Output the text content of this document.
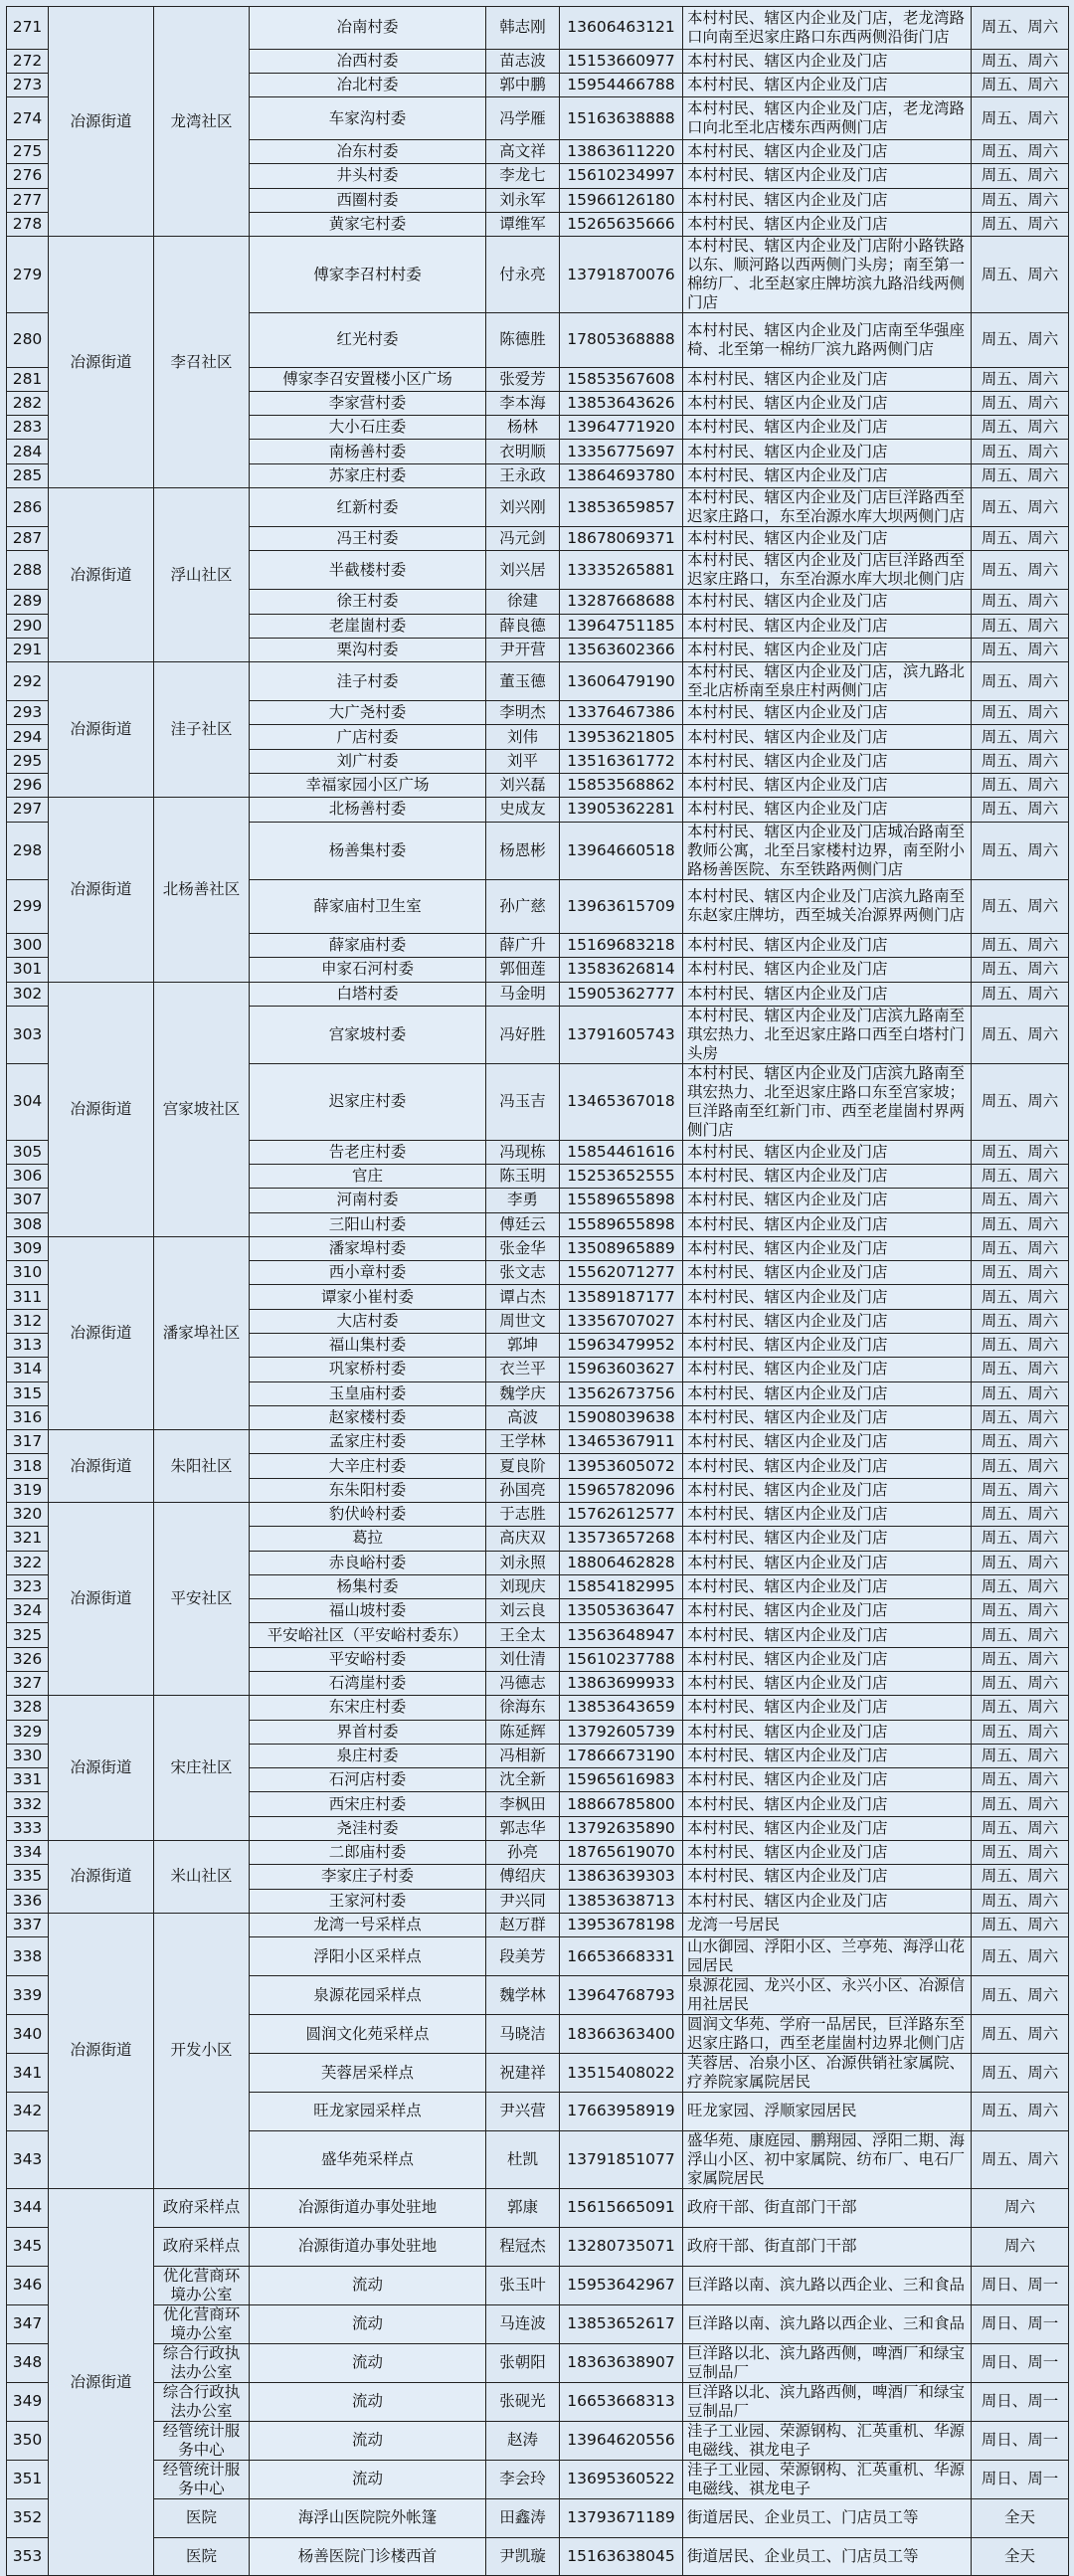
271	冶源街道	龙湾社区	冶南村委	韩志刚	13606463121	本村村民、辖区内企业及门店，老龙湾路口向南至迟家庄路口东西两侧沿街门店	周五、周六
272			冶西村委	苗志波	15153660977	本村村民、辖区内企业及门店	周五、周六
273			冶北村委	郭中鹏	15954466788	本村村民、辖区内企业及门店	周五、周六
274			车家沟村委	冯学雁	15163638888	本村村民、辖区内企业及门店，老龙湾路口向北至北店楼东西两侧门店	周五、周六
275			冶东村委	高文祥	13863611220	本村村民、辖区内企业及门店	周五、周六
276			井头村委	李龙七	15610234997	本村村民、辖区内企业及门店	周五、周六
277			西圈村委	刘永军	15966126180	本村村民、辖区内企业及门店	周五、周六
278			黄家宅村委	谭维军	15265635666	本村村民、辖区内企业及门店	周五、周六
279	冶源街道	李召社区	傅家李召村村委	付永亮	13791870076	本村村民、辖区内企业及门店附小路铁路以东、顺河路以西两侧门头房；南至第一棉纺厂、北至赵家庄牌坊滨九路沿线两侧门店	周五、周六
280			红光村委	陈德胜	17805368888	本村村民、辖区内企业及门店南至华强座椅、北至第一棉纺厂滨九路两侧门店	周五、周六
281			傅家李召安置楼小区广场	张爱芳	15853567608	本村村民、辖区内企业及门店	周五、周六
282			李家营村委	李本海	13853643626	本村村民、辖区内企业及门店	周五、周六
283			大小石庄委	杨林	13964771920	本村村民、辖区内企业及门店	周五、周六
284			南杨善村委	衣明顺	13356775697	本村村民、辖区内企业及门店	周五、周六
285			苏家庄村委	王永政	13864693780	本村村民、辖区内企业及门店	周五、周六
286	冶源街道	浮山社区	红新村委	刘兴刚	13853659857	本村村民、辖区内企业及门店巨洋路西至迟家庄路口，东至冶源水库大坝两侧门店	周五、周六
287			冯王村委	冯元剑	18678069371	本村村民、辖区内企业及门店	周五、周六
288			半截楼村委	刘兴居	13335265881	本村村民、辖区内企业及门店巨洋路西至迟家庄路口，东至冶源水库大坝北侧门店	周五、周六
289			徐王村委	徐建	13287668688	本村村民、辖区内企业及门店	周五、周六
290			老崖崮村委	薛良德	13964751185	本村村民、辖区内企业及门店	周五、周六
291			栗沟村委	尹开营	13563602366	本村村民、辖区内企业及门店	周五、周六
292	冶源街道	洼子社区	洼子村委	董玉德	13606479190	本村村民、辖区内企业及门店，滨九路北至北店桥南至泉庄村两侧门店	周五、周六
293			大广尧村委	李明杰	13376467386	本村村民、辖区内企业及门店	周五、周六
294			广店村委	刘伟	13953621805	本村村民、辖区内企业及门店	周五、周六
295			刘广村委	刘平	13516361772	本村村民、辖区内企业及门店	周五、周六
296			幸福家园小区广场	刘兴磊	15853568862	本村村民、辖区内企业及门店	周五、周六
297	冶源街道	北杨善社区	北杨善村委	史成友	13905362281	本村村民、辖区内企业及门店	周五、周六
298			杨善集村委	杨恩彬	13964660518	本村村民、辖区内企业及门店城冶路南至教师公寓，北至吕家楼村边界，南至附小路杨善医院、东至铁路两侧门店	周五、周六
299			薛家庙村卫生室	孙广慈	13963615709	本村村民、辖区内企业及门店滨九路南至东赵家庄牌坊，西至城关冶源界两侧门店	周五、周六
300			薛家庙村委	薛广升	15169683218	本村村民、辖区内企业及门店	周五、周六
301			申家石河村委	郭佃莲	13583626814	本村村民、辖区内企业及门店	周五、周六
302	冶源街道	宫家坡社区	白塔村委	马金明	15905362777	本村村民、辖区内企业及门店	周五、周六
303			宫家坡村委	冯好胜	13791605743	本村村民、辖区内企业及门店滨九路南至琪宏热力、北至迟家庄路口西至白塔村门头房	周五、周六
304			迟家庄村委	冯玉吉	13465367018	本村村民、辖区内企业及门店滨九路南至琪宏热力、北至迟家庄路口东至宫家坡；巨洋路南至红新门市、西至老崖崮村界两侧门店	周五、周六
305			告老庄村委	冯现栋	15854461616	本村村民、辖区内企业及门店	周五、周六
306			官庄	陈玉明	15253652555	本村村民、辖区内企业及门店	周五、周六
307			河南村委	李勇	15589655898	本村村民、辖区内企业及门店	周五、周六
308			三阳山村委	傅廷云	15589655898	本村村民、辖区内企业及门店	周五、周六
309	冶源街道	潘家埠社区	潘家埠村委	张金华	13508965889	本村村民、辖区内企业及门店	周五、周六
310			西小章村委	张文志	15562071277	本村村民、辖区内企业及门店	周五、周六
311			谭家小崔村委	谭占杰	13589187177	本村村民、辖区内企业及门店	周五、周六
312			大店村委	周世文	13356707027	本村村民、辖区内企业及门店	周五、周六
313			福山集村委	郭坤	15963479952	本村村民、辖区内企业及门店	周五、周六
314			巩家桥村委	衣兰平	15963603627	本村村民、辖区内企业及门店	周五、周六
315			玉皇庙村委	魏学庆	13562673756	本村村民、辖区内企业及门店	周五、周六
316			赵家楼村委	高波	15908039638	本村村民、辖区内企业及门店	周五、周六
317	冶源街道	朱阳社区	孟家庄村委	王学林	13465367911	本村村民、辖区内企业及门店	周五、周六
318			大辛庄村委	夏良阶	13953605072	本村村民、辖区内企业及门店	周五、周六
319			东朱阳村委	孙国亮	15965782096	本村村民、辖区内企业及门店	周五、周六
320	冶源街道	平安社区	豹伏岭村委	于志胜	15762612577	本村村民、辖区内企业及门店	周五、周六
321			葛拉	高庆双	13573657268	本村村民、辖区内企业及门店	周五、周六
322			赤良峪村委	刘永照	18806462828	本村村民、辖区内企业及门店	周五、周六
323			杨集村委	刘现庆	15854182995	本村村民、辖区内企业及门店	周五、周六
324			福山坡村委	刘云良	13505363647	本村村民、辖区内企业及门店	周五、周六
325			平安峪社区（平安峪村委东）	王全太	13563648947	本村村民、辖区内企业及门店	周五、周六
326			平安峪村委	刘仕清	15610237788	本村村民、辖区内企业及门店	周五、周六
327			石湾崖村委	冯德志	13863699933	本村村民、辖区内企业及门店	周五、周六
328	冶源街道	宋庄社区	东宋庄村委	徐海东	13853643659	本村村民、辖区内企业及门店	周五、周六
329			界首村委	陈延辉	13792605739	本村村民、辖区内企业及门店	周五、周六
330			泉庄村委	冯相新	17866673190	本村村民、辖区内企业及门店	周五、周六
331			石河店村委	沈全新	15965616983	本村村民、辖区内企业及门店	周五、周六
332			西宋庄村委	李枫田	18866785800	本村村民、辖区内企业及门店	周五、周六
333			尧洼村委	郭志华	13792635890	本村村民、辖区内企业及门店	周五、周六
334	冶源街道	米山社区	二郎庙村委	孙亮	18765619070	本村村民、辖区内企业及门店	周五、周六
335			李家庄子村委	傅绍庆	13863639303	本村村民、辖区内企业及门店	周五、周六
336			王家河村委	尹兴同	13853638713	本村村民、辖区内企业及门店	周五、周六
337	冶源街道	开发小区	龙湾一号采样点	赵万群	13953678198	龙湾一号居民	周五、周六
338			浮阳小区采样点	段美芳	16653668331	山水御园、浮阳小区、兰亭苑、海浮山花园居民	周五、周六
339			泉源花园采样点	魏学林	13964768793	泉源花园、龙兴小区、永兴小区、冶源信用社居民	周五、周六
340			圆润文化苑采样点	马晓洁	18366363400	圆润文华苑、学府一品居民，巨洋路东至迟家庄路口，西至老崖崮村边界北侧门店	周五、周六
341			芙蓉居采样点	祝建祥	13515408022	芙蓉居、冶泉小区、冶源供销社家属院、疗养院家属院居民	周五、周六
342			旺龙家园采样点	尹兴营	17663958919	旺龙家园、浮顺家园居民	周五、周六
343			盛华苑采样点	杜凯	13791851077	盛华苑、康庭园、鹏翔园、浮阳二期、海浮山小区、初中家属院、纺布厂、电石厂家属院居民	周五、周六
344	冶源街道	政府采样点	冶源街道办事处驻地	郭康	15615665091	政府干部、街直部门干部	周六
345		政府采样点	冶源街道办事处驻地	程冠杰	13280735071	政府干部、街直部门干部	周六
346		优化营商环境办公室	流动	张玉叶	15953642967	巨洋路以南、滨九路以西企业、三和食品	周日、周一
347		优化营商环境办公室	流动	马连波	13853652617	巨洋路以南、滨九路以西企业、三和食品	周日、周一
348		综合行政执法办公室	流动	张朝阳	18363638907	巨洋路以北、滨九路西侧，啤酒厂和绿宝豆制品厂	周日、周一
349		综合行政执法办公室	流动	张砚光	16653668313	巨洋路以北、滨九路西侧，啤酒厂和绿宝豆制品厂	周日、周一
350		经管统计服务中心	流动	赵涛	13964620556	洼子工业园、荣源钢构、汇英重机、华源电磁线、祺龙电子	周日、周一
351		经管统计服务中心	流动	李会玲	13695360522	洼子工业园、荣源钢构、汇英重机、华源电磁线、祺龙电子	周日、周一
352		医院	海浮山医院院外帐篷	田鑫涛	13793671189	街道居民、企业员工、门店员工等	全天
353		医院	杨善医院门诊楼西首	尹凯璇	15163638045	街道居民、企业员工、门店员工等	全天
